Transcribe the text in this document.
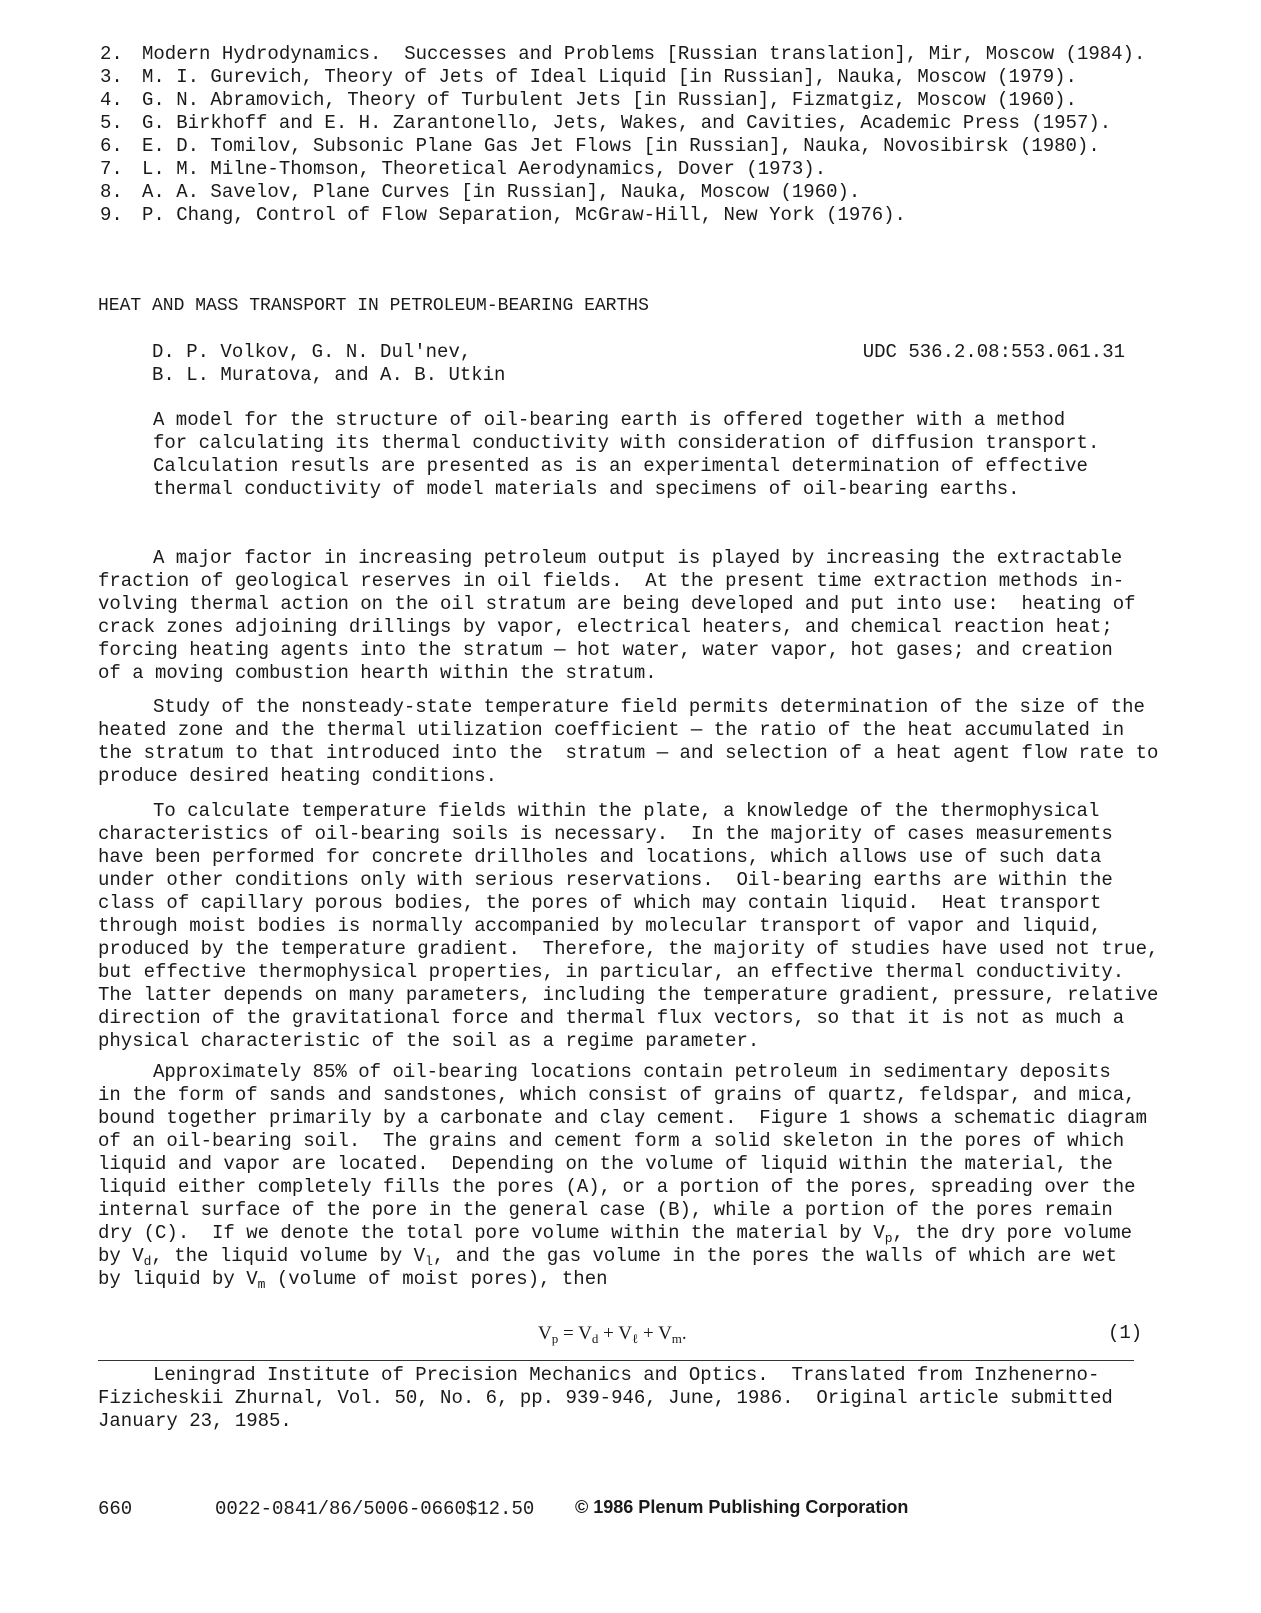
2.	Modern Hydrodynamics.  Successes and Problems [Russian translation], Mir, Moscow (1984).
3.	M. I. Gurevich, Theory of Jets of Ideal Liquid [in Russian], Nauka, Moscow (1979).
4.	G. N. Abramovich, Theory of Turbulent Jets [in Russian], Fizmatgiz, Moscow (1960).
5.	G. Birkhoff and E. H. Zarantonello, Jets, Wakes, and Cavities, Academic Press (1957).
6.	E. D. Tomilov, Subsonic Plane Gas Jet Flows [in Russian], Nauka, Novosibirsk (1980).
7.	L. M. Milne-Thomson, Theoretical Aerodynamics, Dover (1973).
8.	A. A. Savelov, Plane Curves [in Russian], Nauka, Moscow (1960).
9.	P. Chang, Control of Flow Separation, McGraw-Hill, New York (1976).
HEAT AND MASS TRANSPORT IN PETROLEUM-BEARING EARTHS
D. P. Volkov, G. N. Dul'nev,
B. L. Muratova, and A. B. Utkin
UDC 536.2.08:553.061.31
A model for the structure of oil-bearing earth is offered together with a method
for calculating its thermal conductivity with consideration of diffusion transport.
Calculation resutls are presented as is an experimental determination of effective
thermal conductivity of model materials and specimens of oil-bearing earths.
A major factor in increasing petroleum output is played by increasing the extractable
fraction of geological reserves in oil fields.  At the present time extraction methods in-
volving thermal action on the oil stratum are being developed and put into use:  heating of
crack zones adjoining drillings by vapor, electrical heaters, and chemical reaction heat;
forcing heating agents into the stratum — hot water, water vapor, hot gases; and creation
of a moving combustion hearth within the stratum.
Study of the nonsteady-state temperature field permits determination of the size of the
heated zone and the thermal utilization coefficient — the ratio of the heat accumulated in
the stratum to that introduced into the  stratum — and selection of a heat agent flow rate to
produce desired heating conditions.
To calculate temperature fields within the plate, a knowledge of the thermophysical
characteristics of oil-bearing soils is necessary.  In the majority of cases measurements
have been performed for concrete drillholes and locations, which allows use of such data
under other conditions only with serious reservations.  Oil-bearing earths are within the
class of capillary porous bodies, the pores of which may contain liquid.  Heat transport
through moist bodies is normally accompanied by molecular transport of vapor and liquid,
produced by the temperature gradient.  Therefore, the majority of studies have used not true,
but effective thermophysical properties, in particular, an effective thermal conductivity.
The latter depends on many parameters, including the temperature gradient, pressure, relative
direction of the gravitational force and thermal flux vectors, so that it is not as much a
physical characteristic of the soil as a regime parameter.
Approximately 85% of oil-bearing locations contain petroleum in sedimentary deposits
in the form of sands and sandstones, which consist of grains of quartz, feldspar, and mica,
bound together primarily by a carbonate and clay cement.  Figure 1 shows a schematic diagram
of an oil-bearing soil.  The grains and cement form a solid skeleton in the pores of which
liquid and vapor are located.  Depending on the volume of liquid within the material, the
liquid either completely fills the pores (A), or a portion of the pores, spreading over the
internal surface of the pore in the general case (B), while a portion of the pores remain
dry (C).  If we denote the total pore volume within the material by $V_p$, the dry pore volume
by $V_d$, the liquid volume by $V_l$, and the gas volume in the pores the walls of which are wet
by liquid by $V_m$ (volume of moist pores), then
$V_p = V_d + V_\ell + V_m$.	(1)
Leningrad Institute of Precision Mechanics and Optics.  Translated from Inzhenerno-
Fizicheskii Zhurnal, Vol. 50, No. 6, pp. 939-946, June, 1986.  Original article submitted
January 23, 1985.
660	0022-0841/86/5006-0660$12.50 © 1986 Plenum Publishing Corporation
